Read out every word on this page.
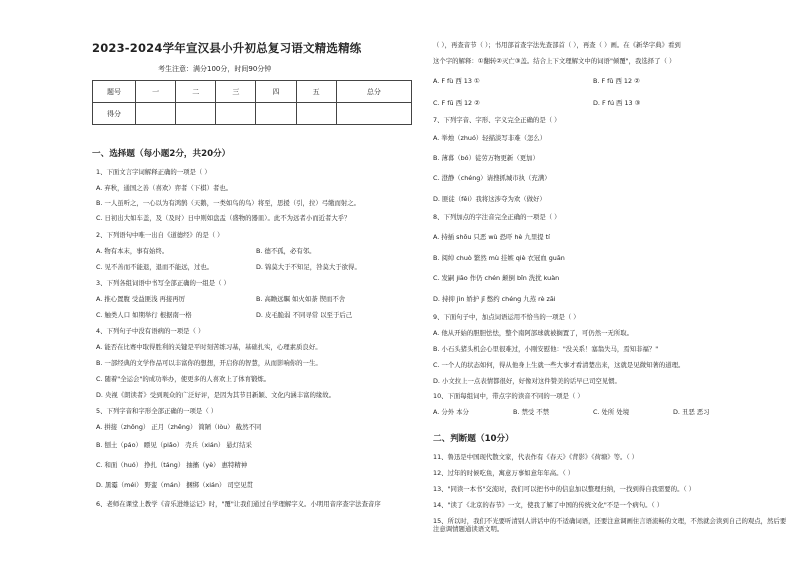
2023-2024学年宣汉县小升初总复习语文精选精练
考生注意：满分100分，时间90分钟
题号	一	二	三	四	五	总分
得分						
一、选择题（每小题2分，共20分）
1、下面文言字词解释正确的一项是（ ）
A. 弃秋，通国之善（喜欢）弈者（下棋）者也。
B. 一人虽听之，一心以为有鸿鹄（天鹅，一类如鸟的鸟）将至，思援（引，拉）弓缴而射之。
C. 日初出大如车盖，及（及时）日中则如盘盂（盛物的器皿）。此不为远者小而近者大乎？
2、下列语句中唯一出自《道德经》的是（ ）
A. 物有本末，事有始终。	B. 德不孤，必有邻。
C. 见不善而不能退，退而不能远，过也。	D. 锦莫大于不知足，咎莫大于欲得。
3、下列各组词语中书写全部正确的一组是（ ）
A. 推心置腹 受益匪浅 再接再厉	B. 高瞻远瞩 如火如荼 锲而不舍
C. 触类人口 如期举行 根据南一格	D. 皮毛脆弱 不同寻常 以至于后己
4、下列句子中没有语病的一项是（ ）
A. 能否在比赛中取得胜利的关键是平时刻苦练习基，基础扎实，心理素质良好。
B. 一部经典的文学作品可以丰富你的想想，开启你的智慧，从而影响你的一生。
C. 随着"全运会"的成功举办，使更多的人喜欢上了体育锻炼。
D. 央视《朗读者》受到观众的广泛好评，是因为其节目新颖、文化内涵丰富的缘故。
5、下列字音和字形全部正确的一项是（ ）
A. 拼接（zhǒng） 正月（zhēng） 简陋（lòu） 截然不同
B. 刨土（páo） 瞟见（piǎo） 壳兵（xián） 悬灯结采
C. 和面（huó） 挣扎（táng） 抽搐（yè） 惠特精神
D. 黑霉（méi） 野蛮（mán） 捆绑（xián） 司空见贯
6、老师在课堂上教学《音乐进维运记》时，"覆"让我们通过自学理解字义。小明用音序查字法查音序
（ ），再查音节（ ）；书用部首查字法先查部首（ ），再查（ ）画。在《新华字典》看到
这个字的解释：①翻转②灭亡③盖。结合上下文理解文中的词语"倾覆"，我选择了（ ）
A. F fù 西 13 ①	B. F fǔ 西 12 ②
C. F fū 西 12 ②	D. F fú 西 13 ③
7、下列字音、字形、字义完全正确的是（ ）
A. 举烛（zhuó）轻描淡写非难（怎么）
B. 薄暮（bó）徒劳万物更新（更加）
C. 澄静（chéng）请搜抓城市执（充满）
D. 匪徒（fěi）我将这涉夺为欢（做好）
8、下列加点的字注音完全正确的一项是（ ）
A. 持插 shōu 只恶 wù 恐吓 hè 九里提 tí
B. 阅绰 chuò 繁然 mù 挂嫉 qiè 衣冠血 guān
C. 发嗣 jiāo 作仍 chén 颠倒 bǐn 洗扰 kuàn
D. 持抑 jìn 娇护 jī 憋约 chéng 九蒸 rè zāi
9、下面句子中，加点词语运用不恰当的一项是（ ）
A. 他从开始的胆胆怯怯，整个南阿部球就被搁置了，可仍然一无所取。
B. 小石头猪头机会心里很难过，小刚安慰他："没关系！塞翁失马，焉知非福？"
C. 一个人的状态如何，得从他身上生就一些大事才看清楚出来，这就是见微知著的道理。
D. 小文拉上一点表情都很好，好像对这件赞美的话早已司空见惯。
10、下面每组词中，带点字的读音不同的一项是（ ）
A. 分外 本分	B. 禁受 不禁	C. 处所 处境	D. 丑恶 恶习
二、判断题（10分）
11、鲁迅是中国现代散文家，代表作有《春天》《背影》《荷塘》等。（ ）
12、过年的时候吃鱼，寓意万事如意年年高。（ ）
13、"同读一本书"交流时，我们可以把书中的信息加以整理归纳，一找到得自我需要的。（ ）
14、"读了《北京的春节》一文，使我了解了中国的传统文化"不是一个病句。（ ）
15、所以时，我们不光要听清别人讲话中的不适确词语，还要注意调画住言语流畅的文理，不然就会读到自己的观点，然后要注意调情题通读语文明。
